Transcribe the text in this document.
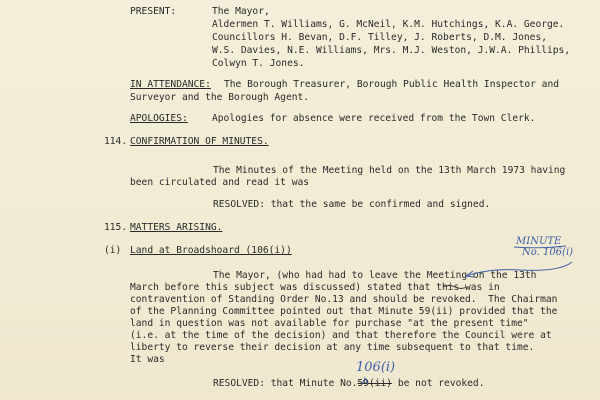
PRESENT:	The Mayor,
Aldermen T. Williams, G. McNeil, K.M. Hutchings, K.A. George.
Councillors H. Bevan, D.F. Tilley, J. Roberts, D.M. Jones,
W.S. Davies, N.E. Williams, Mrs. M.J. Weston, J.W.A. Phillips,
Colwyn T. Jones.
IN ATTENDANCE: The Borough Treasurer, Borough Public Health Inspector and
Surveyor and the Borough Agent.
APOLOGIES:	Apologies for absence were received from the Town Clerk.
114. CONFIRMATION OF MINUTES.
The Minutes of the Meeting held on the 13th March 1973 having
been circulated and read it was
RESOLVED: that the same be confirmed and signed.
115. MATTERS ARISING.
(i) Land at Broadshoard (106(i))
The Mayor, (who had had to leave the Meeting on the 13th
March before this subject was discussed) stated that this was in
contravention of Standing Order No.13 and should be revoked.  The Chairman
of the Planning Committee pointed out that Minute 59(ii) provided that the
land in question was not available for purchase "at the present time"
(i.e. at the time of the decision) and that therefore the Council were at
liberty to reverse their decision at any time subsequent to that time.
It was
RESOLVED: that Minute No.59(ii) be not revoked.
MINUTE
No. 106(i)
106(i)
